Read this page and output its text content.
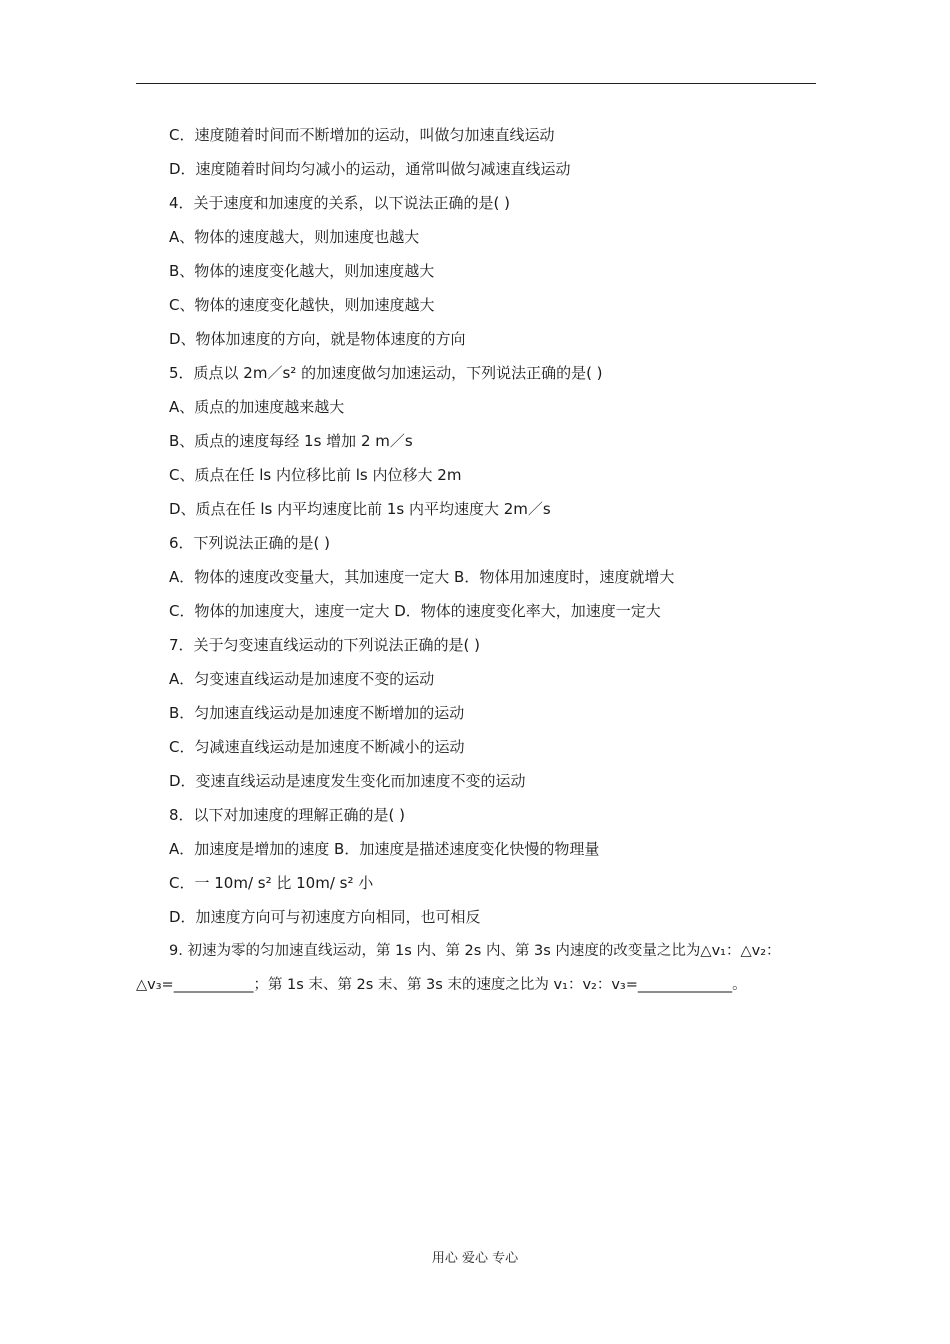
C．速度随着时间而不断增加的运动，叫做匀加速直线运动
D．速度随着时间均匀减小的运动，通常叫做匀减速直线运动
4．关于速度和加速度的关系，以下说法正确的是( )
A、物体的速度越大，则加速度也越大
B、物体的速度变化越大，则加速度越大
C、物体的速度变化越快，则加速度越大
D、物体加速度的方向，就是物体速度的方向
5．质点以 2m／s² 的加速度做匀加速运动，下列说法正确的是( )
A、质点的加速度越来越大
B、质点的速度每经 1s 增加 2 m／s
C、质点在任 ls 内位移比前 ls 内位移大 2m
D、质点在任 ls 内平均速度比前 1s 内平均速度大 2m／s
6．下列说法正确的是( )
A．物体的速度改变量大，其加速度一定大 B．物体用加速度时，速度就增大
C．物体的加速度大，速度一定大 D．物体的速度变化率大，加速度一定大
7．关于匀变速直线运动的下列说法正确的是( )
A．匀变速直线运动是加速度不变的运动
B．匀加速直线运动是加速度不断增加的运动
C．匀减速直线运动是加速度不断减小的运动
D．变速直线运动是速度发生变化而加速度不变的运动
8．以下对加速度的理解正确的是( )
A．加速度是增加的速度 B．加速度是描述速度变化快慢的物理量
C．一 10m/ s² 比 10m/ s² 小
D．加速度方向可与初速度方向相同，也可相反
9. 初速为零的匀加速直线运动，第 1s 内、第 2s 内、第 3s 内速度的改变量之比为△v₁：△v₂：
△v₃=___________；第 1s 末、第 2s 末、第 3s 末的速度之比为 v₁：v₂：v₃=_____________。
用心 爱心 专心
